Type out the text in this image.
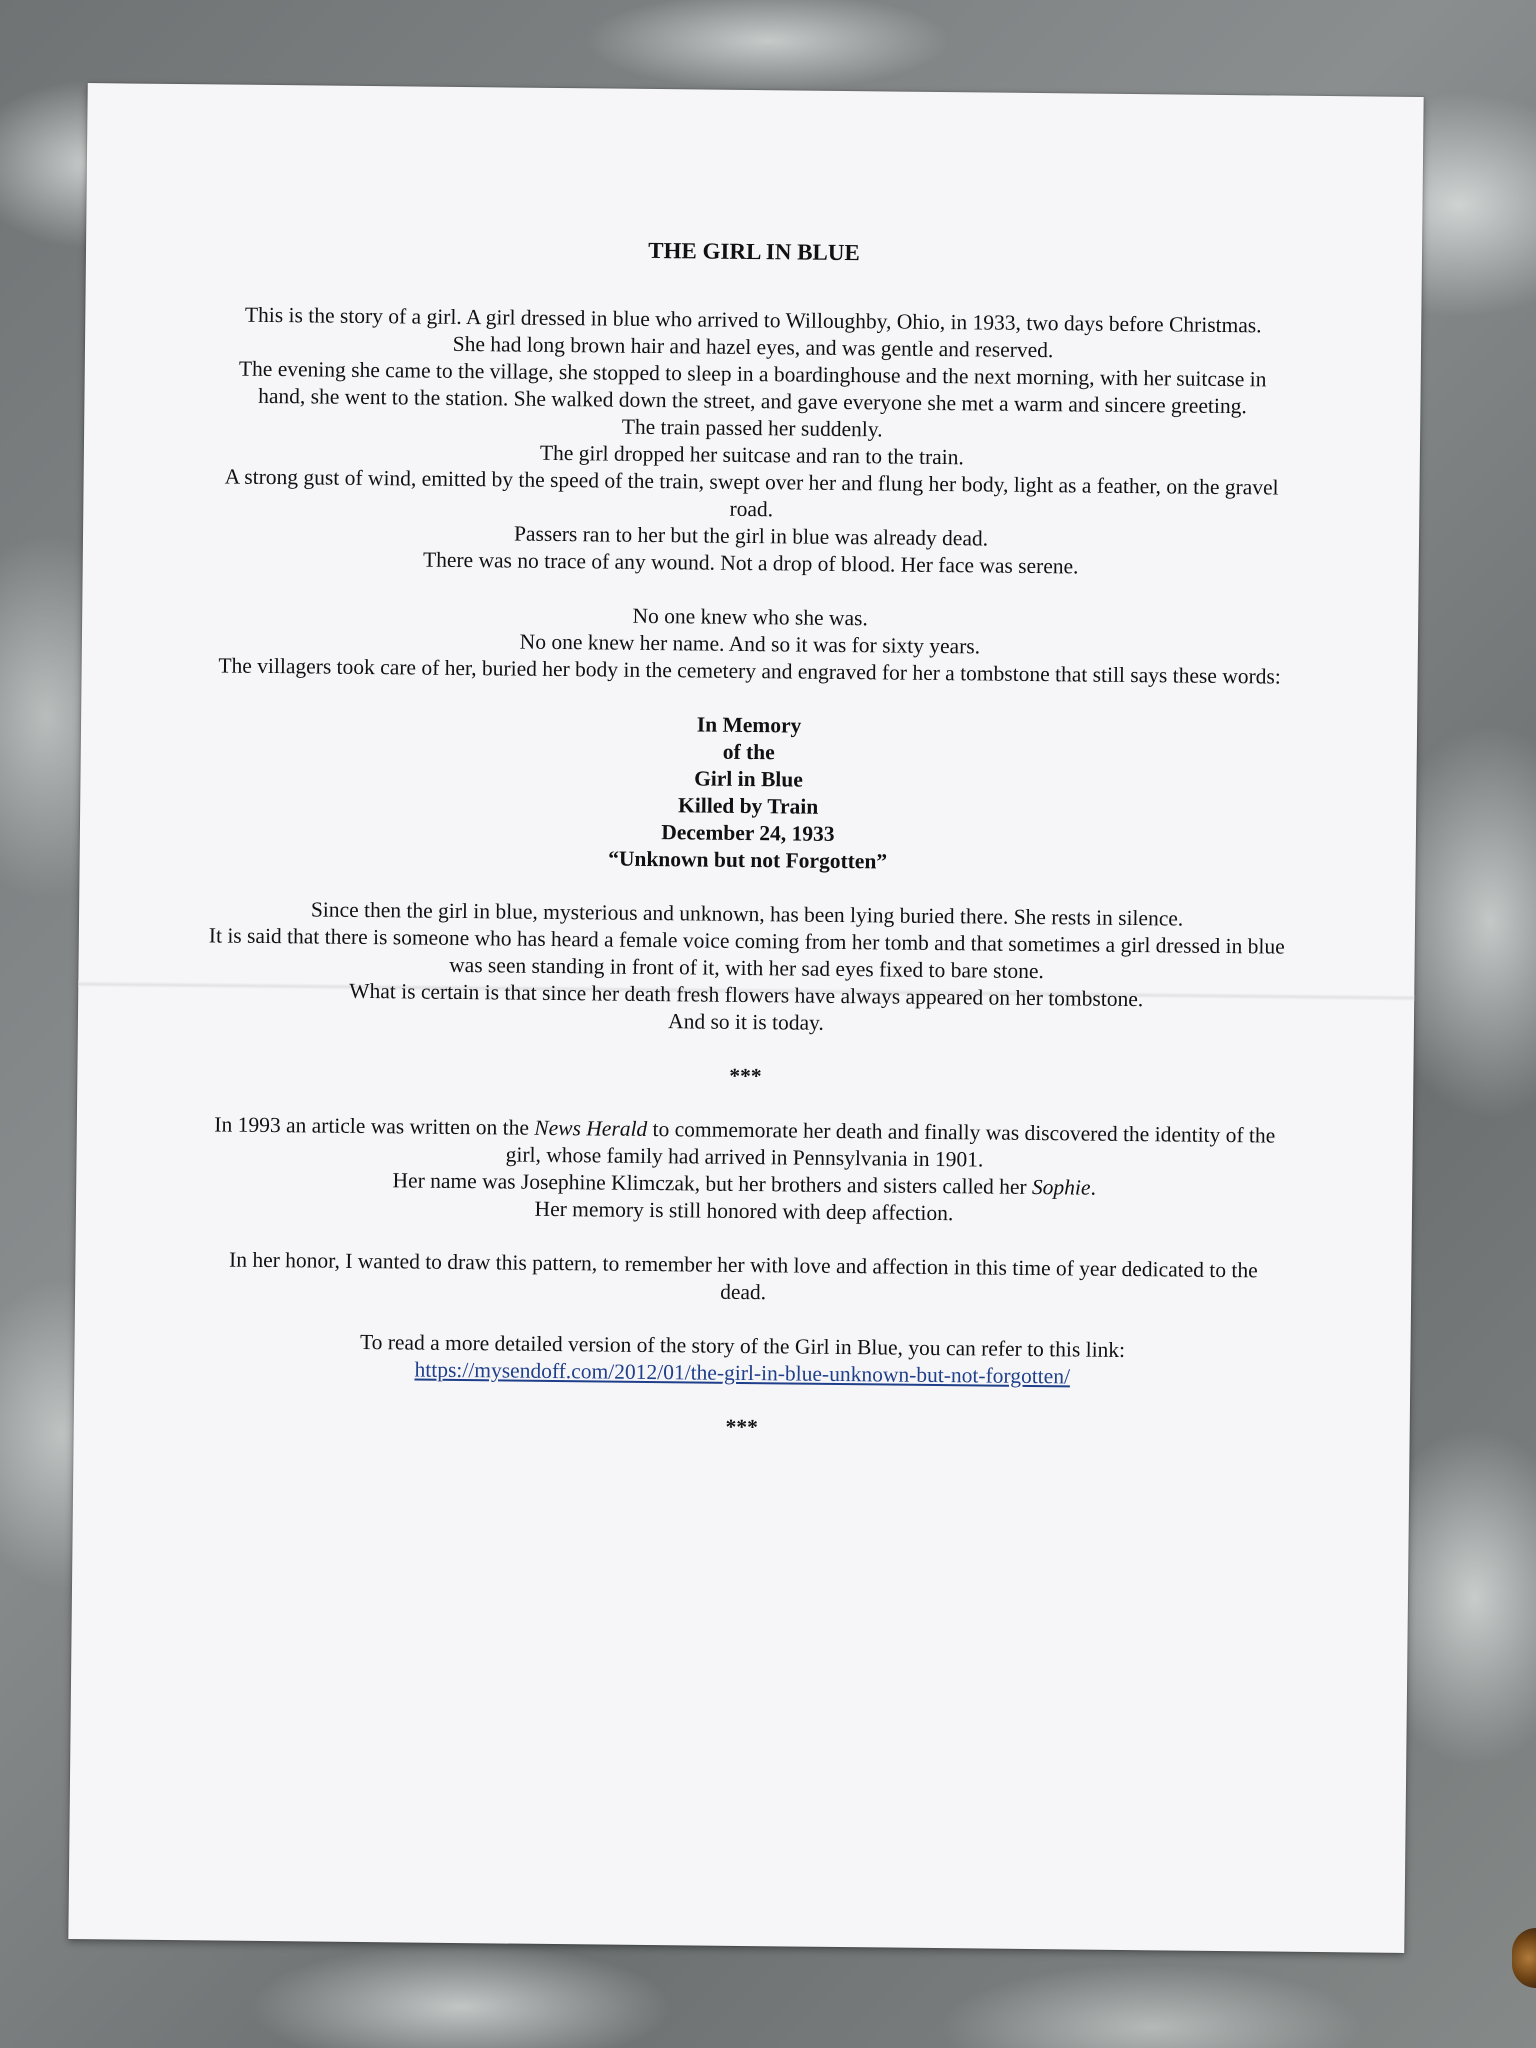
THE GIRL IN BLUE

This is the story of a girl. A girl dressed in blue who arrived to Willoughby, Ohio, in 1933, two days before Christmas.

She had long brown hair and hazel eyes, and was gentle and reserved.

The evening she came to the village, she stopped to sleep in a boardinghouse and the next morning, with her suitcase in hand, she went to the station. She walked down the street, and gave everyone she met a warm and sincere greeting.

The train passed her suddenly.

The girl dropped her suitcase and ran to the train.

A strong gust of wind, emitted by the speed of the train, swept over her and flung her body, light as a feather, on the gravel road.

Passers ran to her but the girl in blue was already dead.

There was no trace of any wound. Not a drop of blood. Her face was serene.

No one knew who she was.

No one knew her name. And so it was for sixty years.

The villagers took care of her, buried her body in the cemetery and engraved for her a tombstone that still says these words:

In Memory

of the

Girl in Blue

Killed by Train

December 24, 1933

“Unknown but not Forgotten”

Since then the girl in blue, mysterious and unknown, has been lying buried there. She rests in silence.

It is said that there is someone who has heard a female voice coming from her tomb and that sometimes a girl dressed in blue was seen standing in front of it, with her sad eyes fixed to bare stone.

What is certain is that since her death fresh flowers have always appeared on her tombstone.

And so it is today.

***

In 1993 an article was written on the News Herald to commemorate her death and finally was discovered the identity of the girl, whose family had arrived in Pennsylvania in 1901.

Her name was Josephine Klimczak, but her brothers and sisters called her Sophie.

Her memory is still honored with deep affection.

In her honor, I wanted to draw this pattern, to remember her with love and affection in this time of year dedicated to the dead.

To read a more detailed version of the story of the Girl in Blue, you can refer to this link:

https://mysendoff.com/2012/01/the-girl-in-blue-unknown-but-not-forgotten/

***
